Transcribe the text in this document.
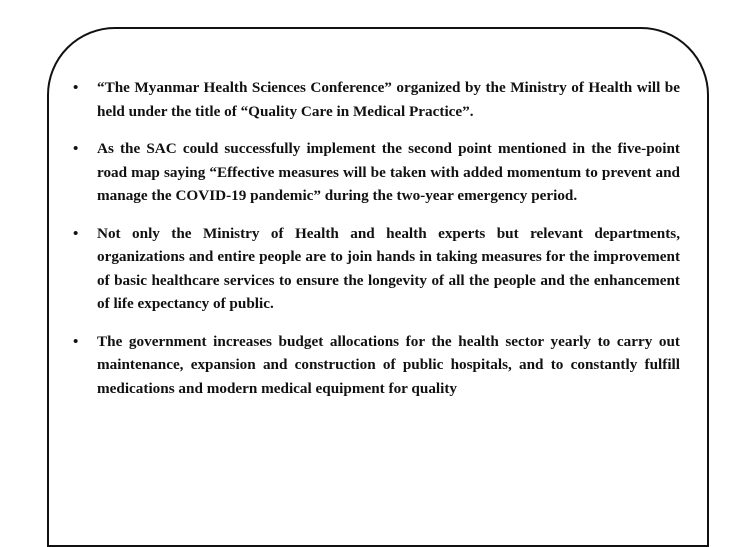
• “The Myanmar Health Sciences Conference” organized by the Ministry of Health will be held under the title of “Quality Care in Medical Practice”.
• As the SAC could successfully implement the second point mentioned in the five-point road map saying “Effective measures will be taken with added momentum to prevent and manage the COVID-19 pandemic” during the two-year emergency period.
• Not only the Ministry of Health and health experts but relevant departments, organizations and entire people are to join hands in taking measures for the improvement of basic healthcare services to ensure the longevity of all the people and the enhancement of life expectancy of public.
• The government increases budget allocations for the health sector yearly to carry out maintenance, expansion and construction of public hospitals, and to constantly fulfill medications and modern medical equipment for quality
